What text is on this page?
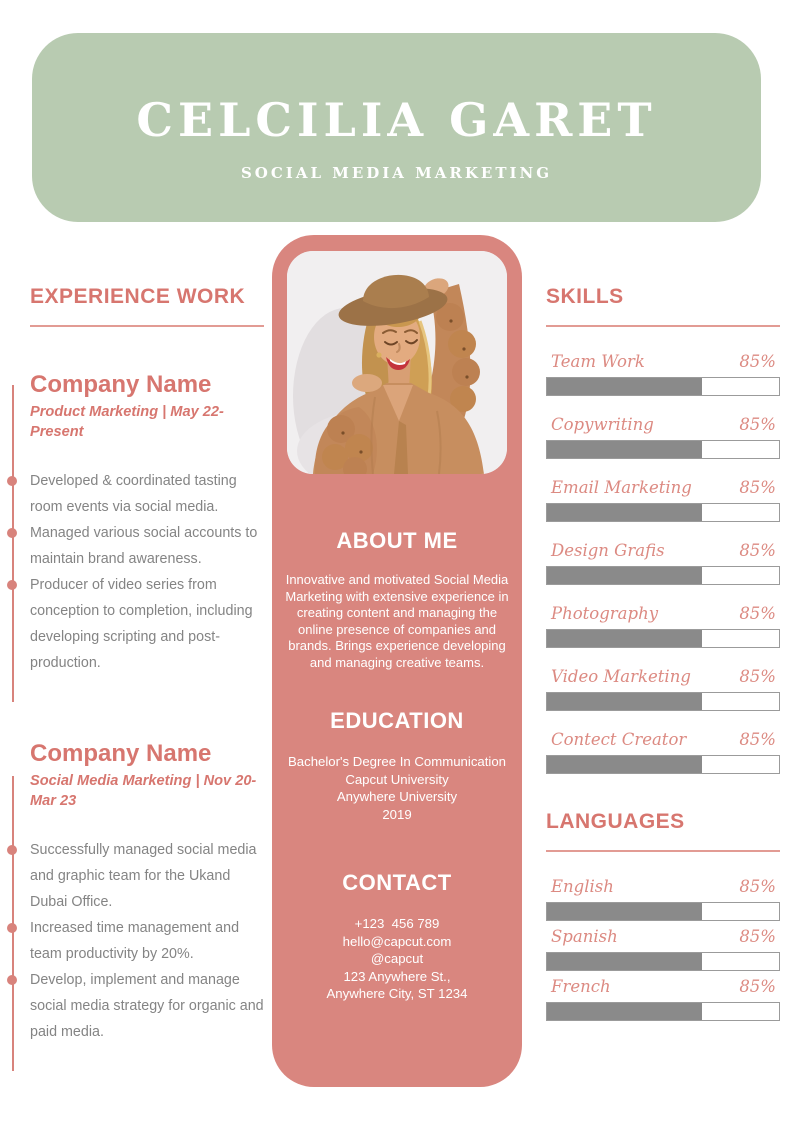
CELCILIA GARET
SOCIAL MEDIA MARKETING
EXPERIENCE WORK
Company Name
Product Marketing | May 22-Present
Developed & coordinated tasting room events via social media.
Managed various social accounts to maintain brand awareness.
Producer of video series from conception to completion, including developing scripting and post-production.
Company Name
Social Media Marketing | Nov 20-Mar 23
Successfully managed social media and graphic team for the Ukand Dubai Office.
Increased time management and team productivity by 20%.
Develop, implement and manage social media strategy for organic and paid media.
ABOUT ME

Innovative and motivated Social Media Marketing with extensive experience in creating content and managing the online presence of companies and brands. Brings experience developing and managing creative teams.

EDUCATION
Bachelor's Degree In Communication
Capcut University
Anywhere University
2019
CONTACT
+123  456 789
hello@capcut.com
@capcut
123 Anywhere St.,
Anywhere City, ST 1234
SKILLS
Team Work	85%
Copywriting	85%
Email Marketing	85%
Design Grafis	85%
Photography	85%
Video Marketing	85%
Contect Creator	85%
LANGUAGES
English	85%
Spanish	85%
French	85%
